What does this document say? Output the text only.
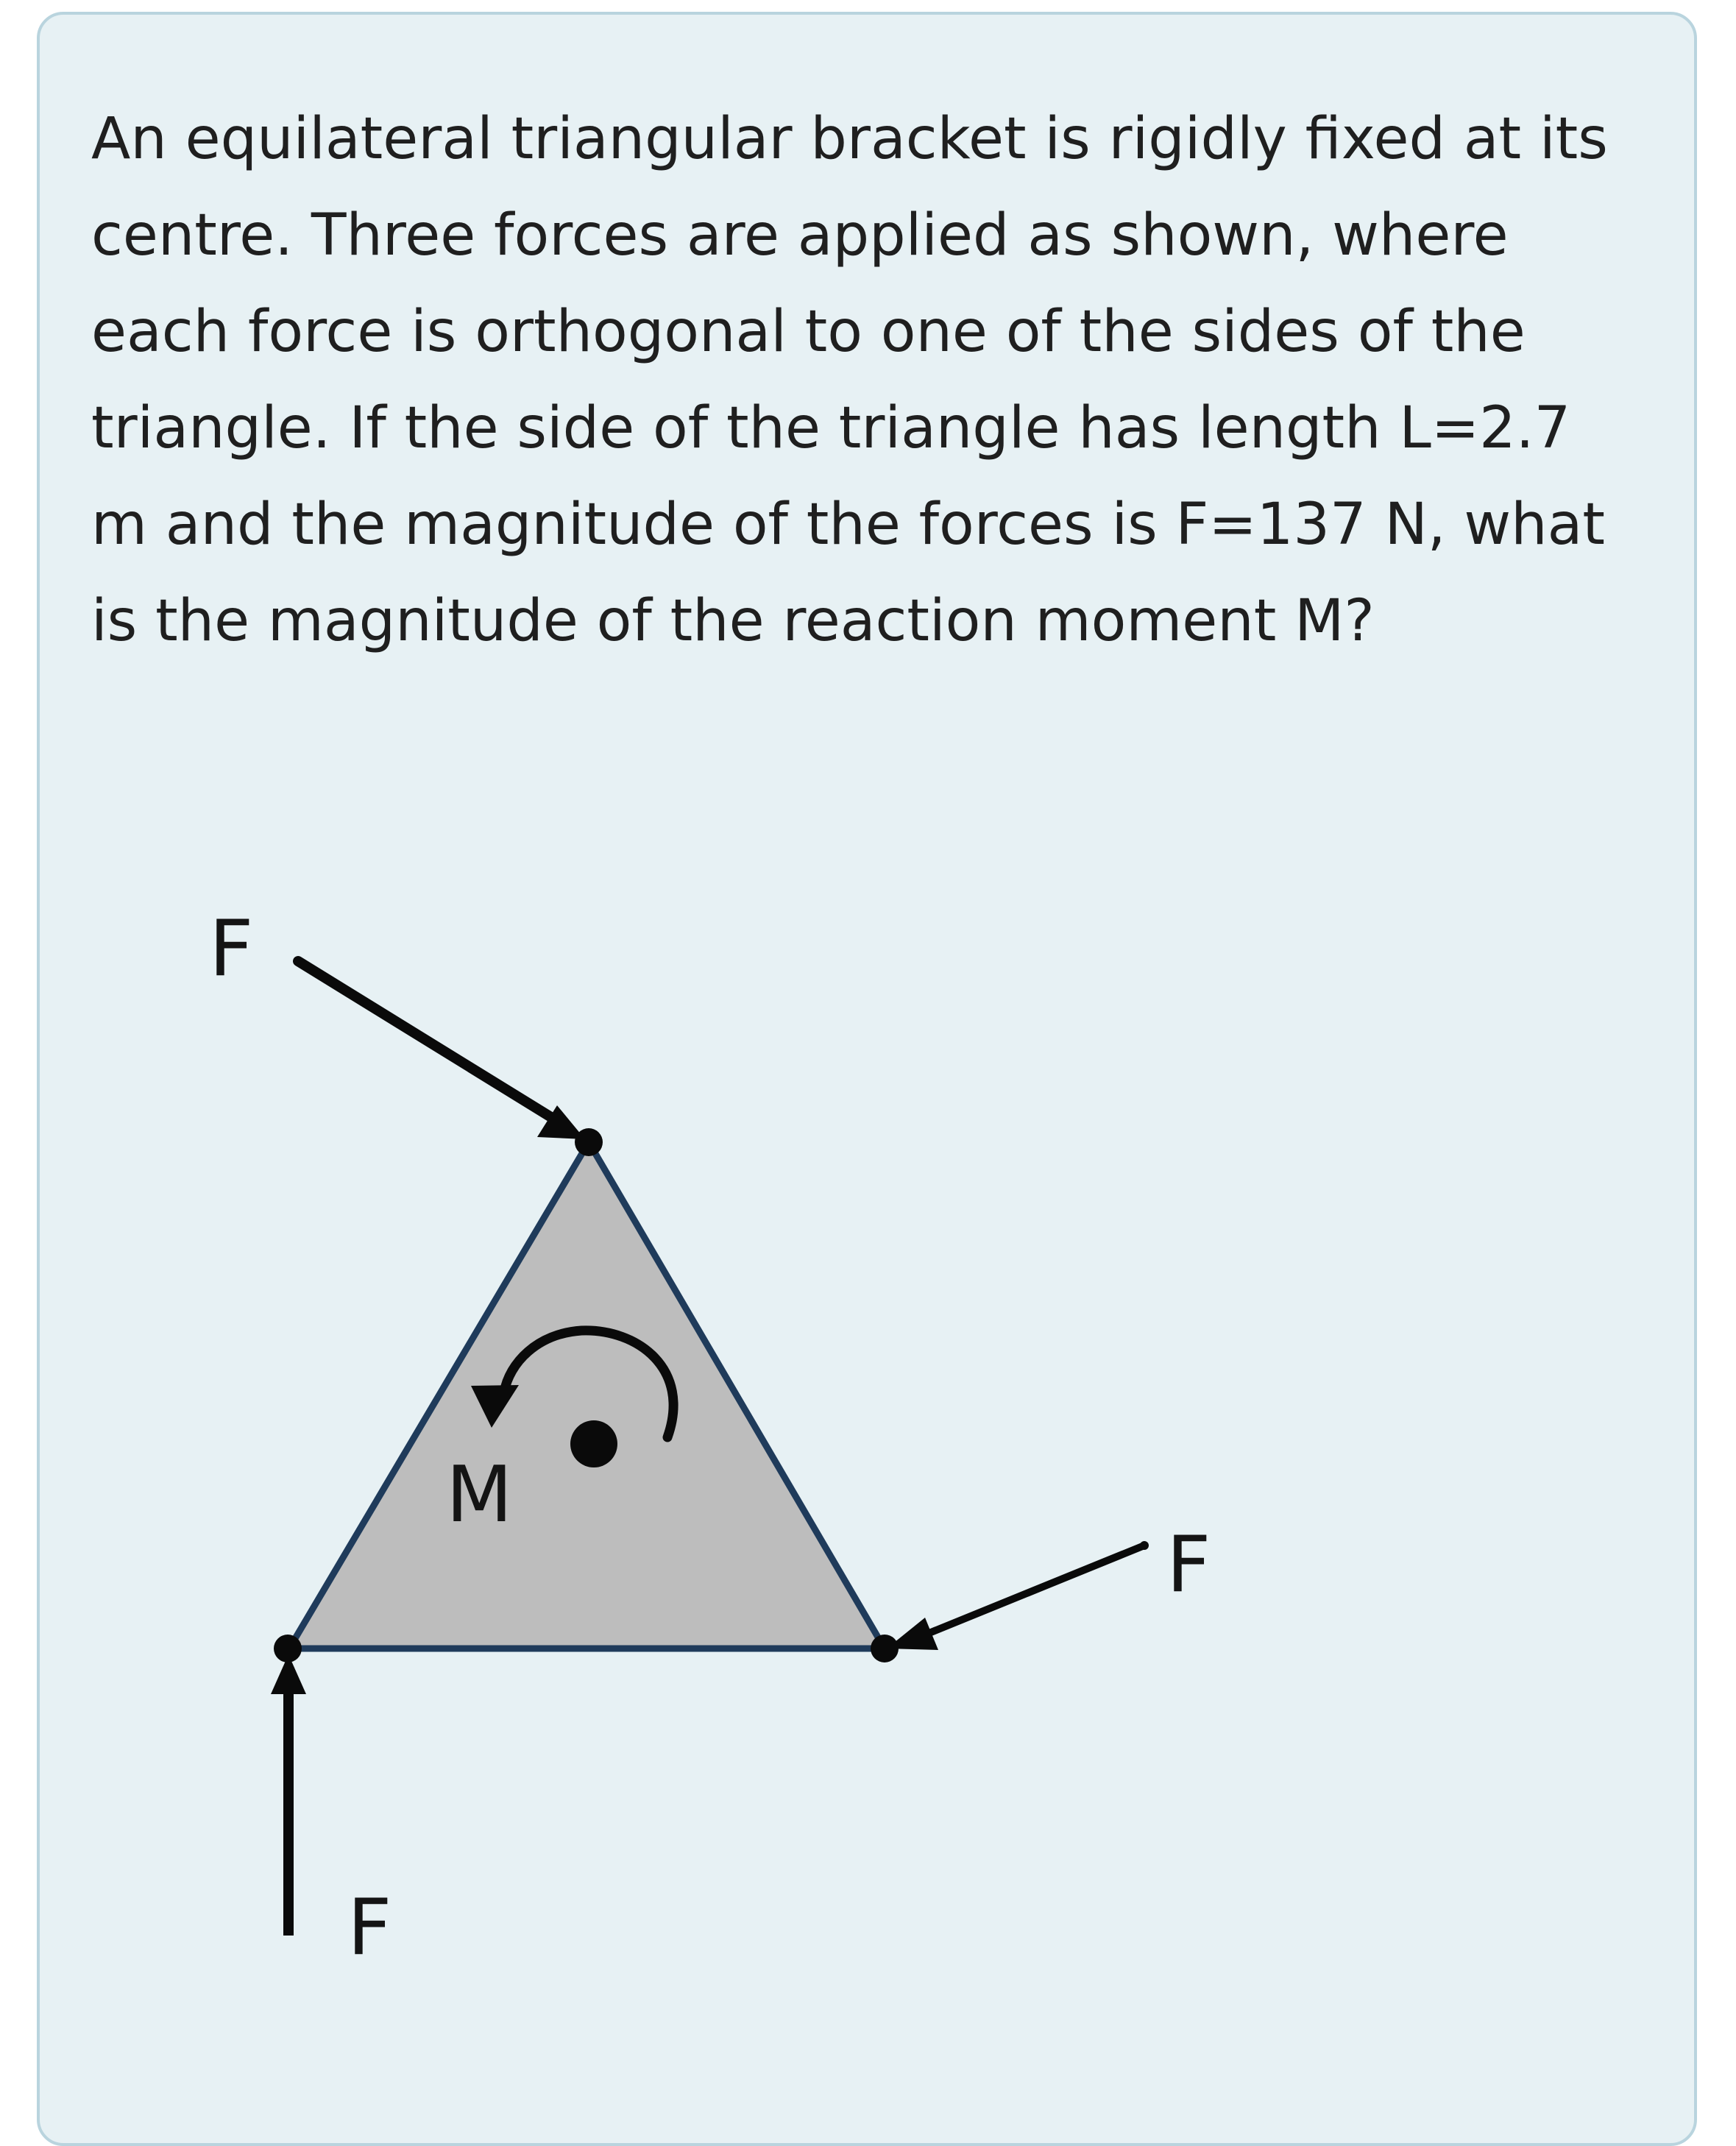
An equilateral triangular bracket is rigidly fixed at its centre. Three forces are applied as shown, where each force is orthogonal to one of the sides of the triangle. If the side of the triangle has length L=2.7 m and the magnitude of the forces is F=137 N, what is the magnitude of the reaction moment M?

F
F
F
M
